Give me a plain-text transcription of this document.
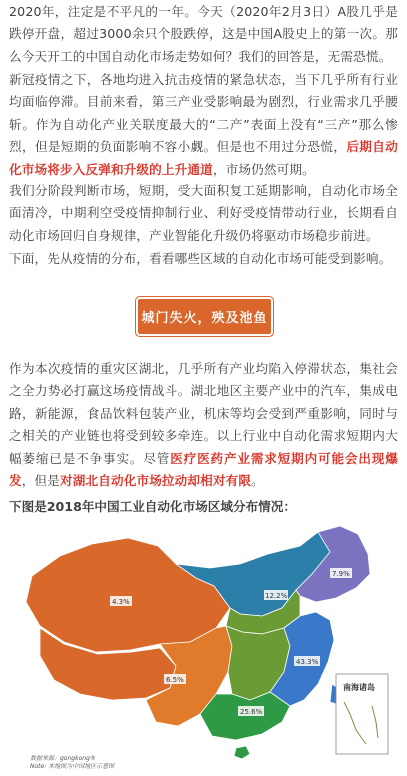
2020年，注定是不平凡的一年。今天（2020年2月3日）A股几乎是跌停开盘，超过3000余只个股跌停，这是中国A股史上的第一次。那么今天开工的中国自动化市场走势如何？我们的回答是，无需恐慌。

新冠疫情之下，各地均进入抗击疫情的紧急状态，当下几乎所有行业均面临停滞。目前来看，第三产业受影响最为剧烈，行业需求几乎腰斩。作为自动化产业关联度最大的“二产”表面上没有“三产”那么惨烈，但是短期的负面影响不容小觑。但是也不用过分恐慌，后期自动化市场将步入反弹和升级的上升通道，市场仍然可期。

我们分阶段判断市场，短期，受大面积复工延期影响，自动化市场全面清冷，中期利空受疫情抑制行业、利好受疫情带动行业，长期看自动化市场回归自身规律，产业智能化升级仍将驱动市场稳步前进。

下面，先从疫情的分布，看看哪些区域的自动化市场可能受到影响。

城门失火，殃及池鱼

作为本次疫情的重灾区湖北，几乎所有产业均陷入停滞状态，集社会之全力势必打赢这场疫情战斗。湖北地区主要产业中的汽车，集成电路，新能源，食品饮料包装产业，机床等均会受到严重影响，同时与之相关的产业链也将受到较多牵连。以上行业中自动化需求短期内大幅萎缩已是不争事实。尽管医疗医药产业需求短期内可能会出现爆发，但是对湖北自动化市场拉动却相对有限。

下图是2018年中国工业自动化市场区域分布情况：

南海诸岛
4.3%
12.2%
7.9%
43.3%
6.5%
25.6%
数据来源：gongkong®
Note: 本地图为中国地区示意图
